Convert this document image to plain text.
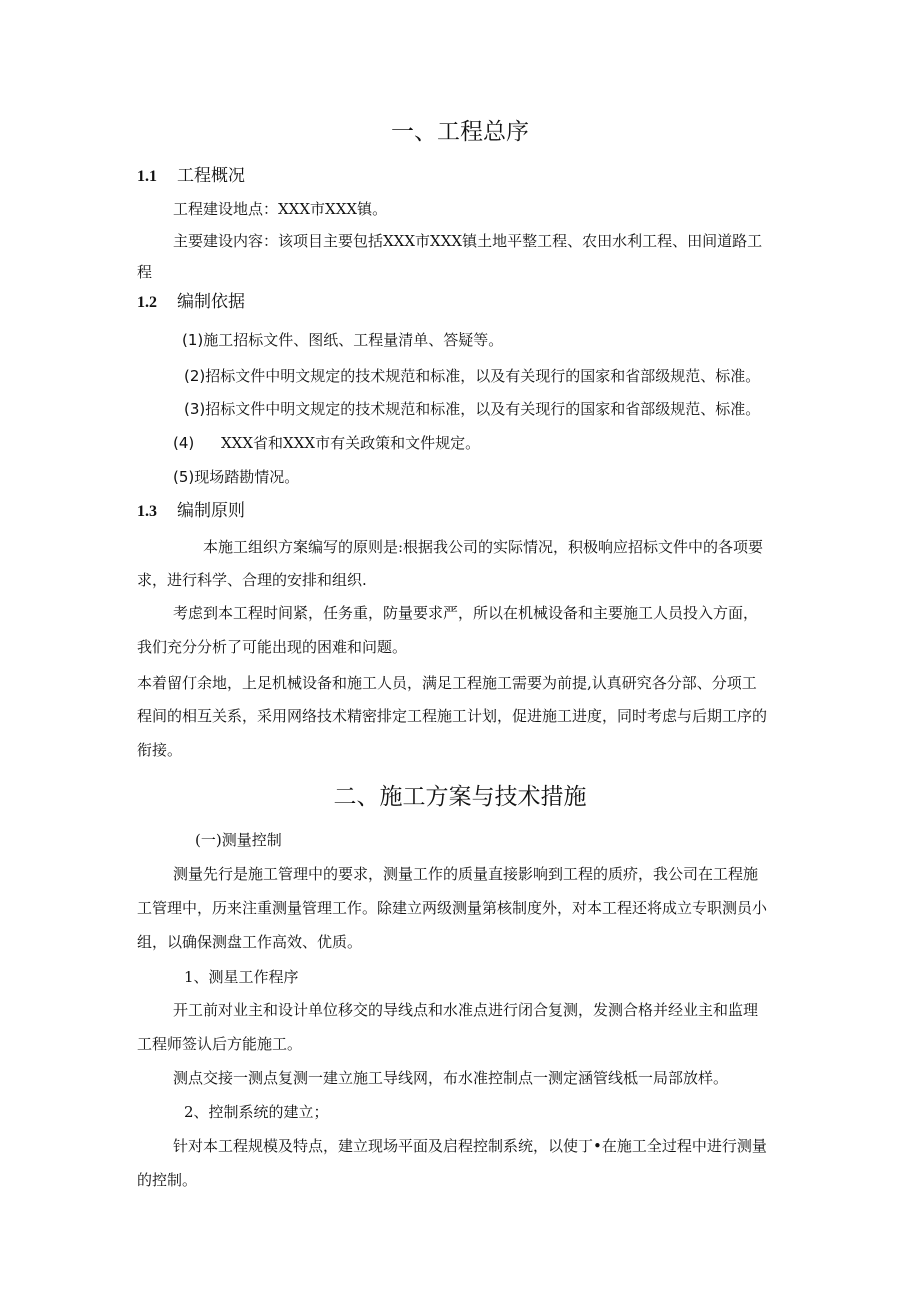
一、工程总序
1.1 工程概况
工程建设地点：XXX市XXX镇。
主要建设内容：该项目主要包括XXX市XXX镇土地平整工程、农田水利工程、田间道路工
程
1.2 编制依据
(1)施工招标文件、图纸、工程量清单、答疑等。
(2)招标文件中明文规定的技术规范和标准，以及有关现行的国家和省部级规范、标准。
(3)招标文件中明文规定的技术规范和标准，以及有关现行的国家和省部级规范、标准。
(4) XXX省和XXX市有关政策和文件规定。
(5)现场踏勘情况。
1.3 编制原则
本施工组织方案编写的原则是:根据我公司的实际情况，积极响应招标文件中的各项要
求，进行科学、合理的安排和组织.
考虑到本工程时间紧，任务重，防量要求严，所以在机械设备和主要施工人员投入方面，
我们充分分析了可能出现的困难和问题。
本着留仃余地，上足机械设备和施工人员，满足工程施工需要为前提,认真研究各分部、分项工
程间的相互关系，采用网络技术精密排定工程施工计划，促进施工进度，同时考虑与后期工序的
衔接。
二、施工方案与技术措施
(一)测量控制
测量先行是施工管理中的要求，测量工作的质量直接影响到工程的质疥，我公司在工程施
工管理中，历来注重测量管理工作。除建立两级测量第核制度外，对本工程还将成立专职测员小
组，以确保测盘工作高效、优质。
1、测星工作程序
开工前对业主和设计单位移交的导线点和水准点进行闭合复测，发测合格并经业主和监理
工程师签认后方能施工。
测点交接一测点复测一建立施工导线网，布水准控制点一测定涵管线柢一局部放样。
2、控制系统的建立；
针对本工程规模及特点，建立现场平面及启程控制系统，以使丁•在施工全过程中进行测量
的控制。
